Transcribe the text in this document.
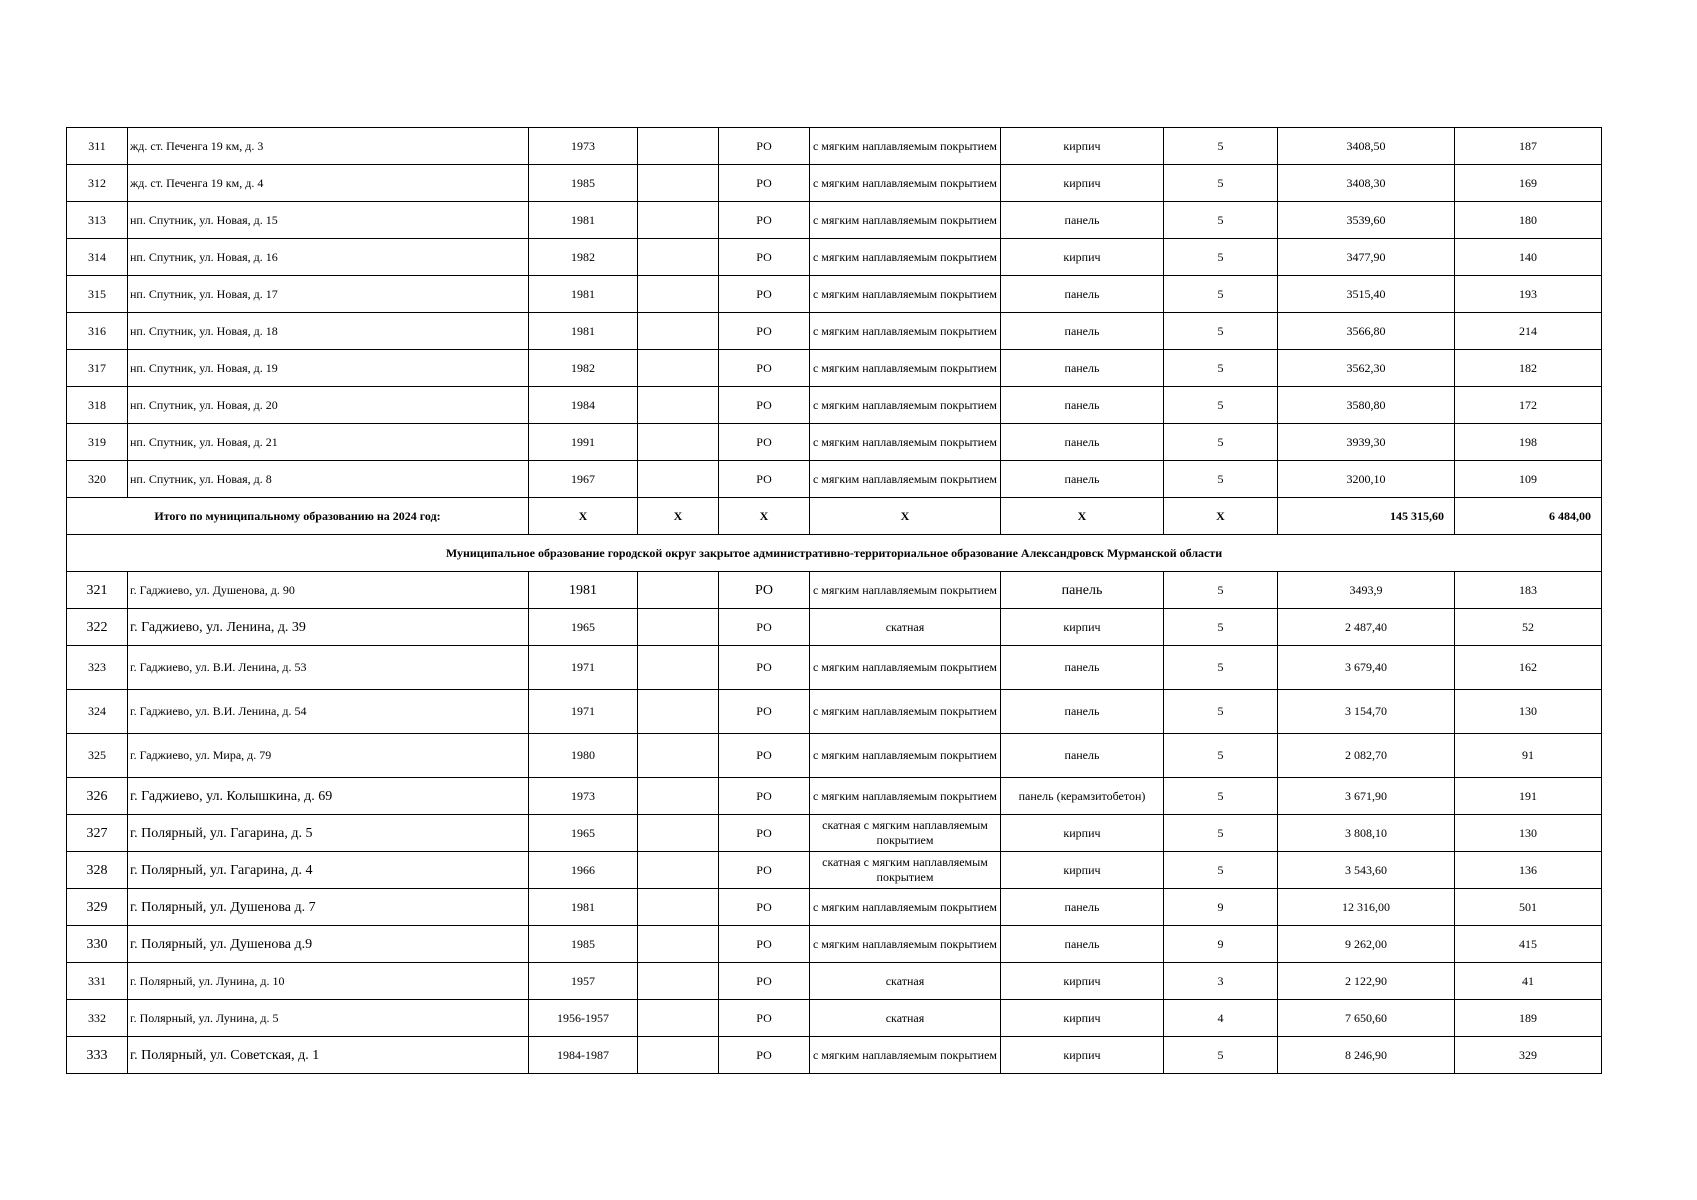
311	жд. ст. Печенга 19 км, д. 3	1973		РО	с мягким наплавляемым покрытием	кирпич	5	3408,50	187
312	жд. ст. Печенга 19 км, д. 4	1985		РО	с мягким наплавляемым покрытием	кирпич	5	3408,30	169
313	нп. Спутник, ул. Новая, д. 15	1981		РО	с мягким наплавляемым покрытием	панель	5	3539,60	180
314	нп. Спутник, ул. Новая, д. 16	1982		РО	с мягким наплавляемым покрытием	кирпич	5	3477,90	140
315	нп. Спутник, ул. Новая, д. 17	1981		РО	с мягким наплавляемым покрытием	панель	5	3515,40	193
316	нп. Спутник, ул. Новая, д. 18	1981		РО	с мягким наплавляемым покрытием	панель	5	3566,80	214
317	нп. Спутник, ул. Новая, д. 19	1982		РО	с мягким наплавляемым покрытием	панель	5	3562,30	182
318	нп. Спутник, ул. Новая, д. 20	1984		РО	с мягким наплавляемым покрытием	панель	5	3580,80	172
319	нп. Спутник, ул. Новая, д. 21	1991		РО	с мягким наплавляемым покрытием	панель	5	3939,30	198
320	нп. Спутник, ул. Новая, д. 8	1967		РО	с мягким наплавляемым покрытием	панель	5	3200,10	109
Итого по муниципальному образованию на 2024 год:		X	X	X	X	X	X	145 315,60	6 484,00
Муниципальное образование городской округ закрытое административно-территориальное образование Александровск Мурманской области									
321	г. Гаджиево, ул. Душенова, д. 90	1981		РО	с мягким наплавляемым покрытием	панель	5	3493,9	183
322	г. Гаджиево, ул. Ленина, д. 39	1965		РО	скатная	кирпич	5	2 487,40	52
323	г. Гаджиево, ул. В.И. Ленина, д. 53	1971		РО	с мягким наплавляемым покрытием	панель	5	3 679,40	162
324	г. Гаджиево, ул. В.И. Ленина, д. 54	1971		РО	с мягким наплавляемым покрытием	панель	5	3 154,70	130
325	г. Гаджиево, ул. Мира, д. 79	1980		РО	с мягким наплавляемым покрытием	панель	5	2 082,70	91
326	г. Гаджиево, ул. Колышкина, д. 69	1973		РО	с мягким наплавляемым покрытием	панель (керамзитобетон)	5	3 671,90	191
327	г. Полярный, ул. Гагарина, д. 5	1965		РО	скатная с мягким наплавляемым покрытием	кирпич	5	3 808,10	130
328	г. Полярный, ул. Гагарина, д. 4	1966		РО	скатная с мягким наплавляемым покрытием	кирпич	5	3 543,60	136
329	г. Полярный, ул. Душенова д. 7	1981		РО	с мягким наплавляемым покрытием	панель	9	12 316,00	501
330	г. Полярный, ул. Душенова д.9	1985		РО	с мягким наплавляемым покрытием	панель	9	9 262,00	415
331	г. Полярный, ул. Лунина, д. 10	1957		РО	скатная	кирпич	3	2 122,90	41
332	г. Полярный, ул. Лунина, д. 5	1956-1957		РО	скатная	кирпич	4	7 650,60	189
333	г. Полярный, ул. Советская, д. 1	1984-1987		РО	с мягким наплавляемым покрытием	кирпич	5	8 246,90	329
